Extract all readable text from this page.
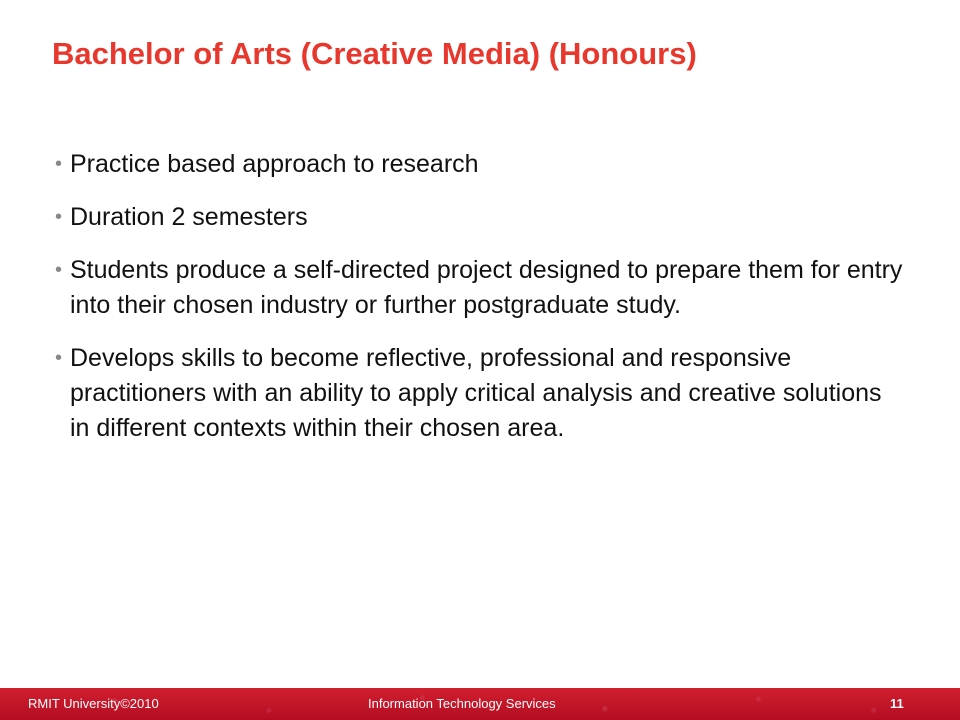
Bachelor of Arts (Creative Media) (Honours)
• Practice based approach to research
• Duration 2 semesters
• Students produce a self-directed project designed to prepare them for entry into their chosen industry or further postgraduate study.
• Develops skills to become reflective, professional and responsive practitioners with an ability to apply critical analysis and creative solutions in different contexts within their chosen area.
RMIT University©2010	Information Technology Services	11
